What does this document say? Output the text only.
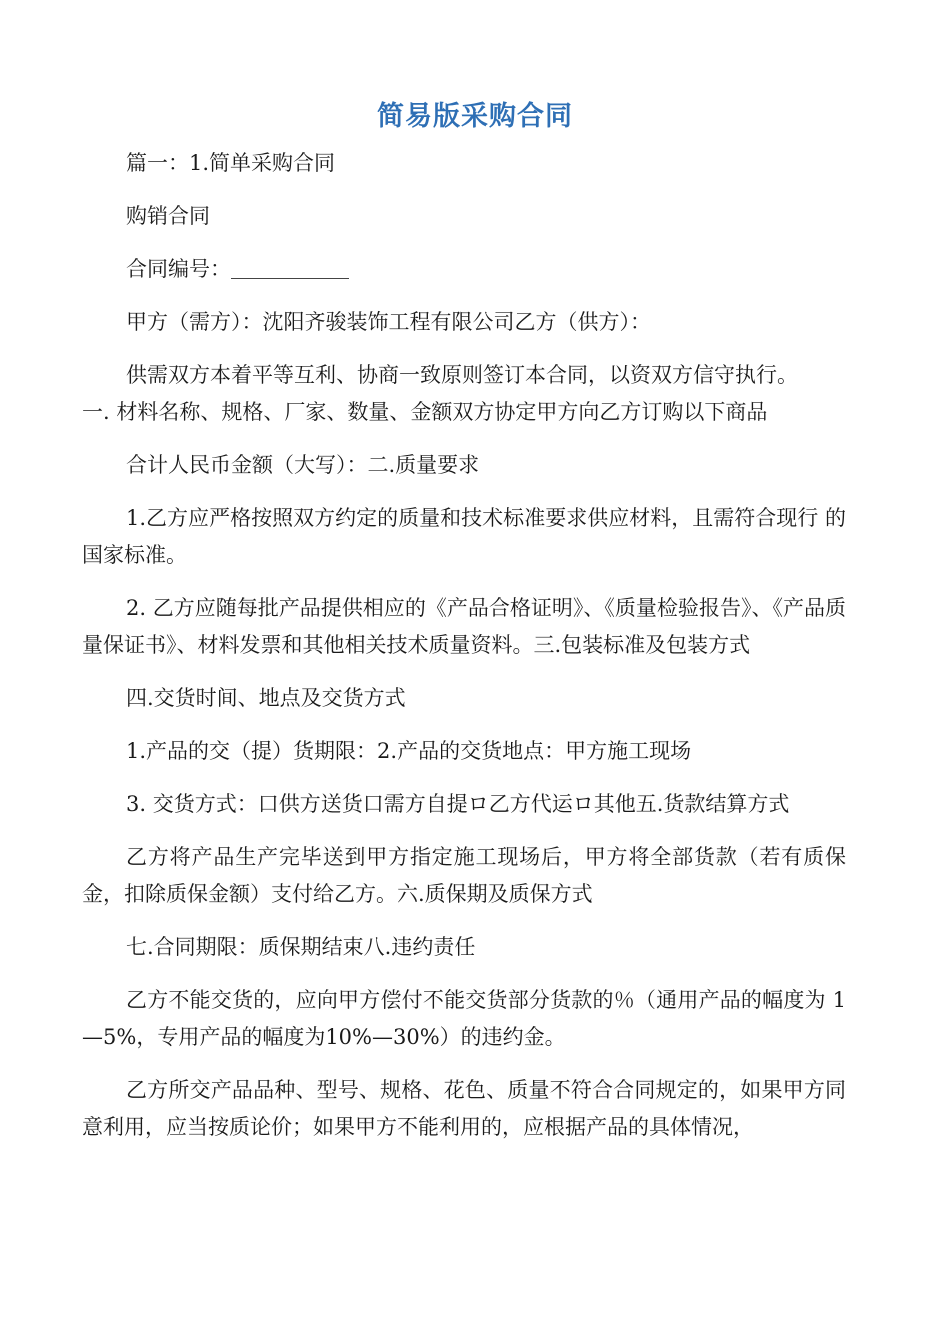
简易版采购合同

篇一：1.简单采购合同

购销合同

合同编号：

甲方（需方）：沈阳齐骏装饰工程有限公司乙方（供方）：

供需双方本着平等互利、协商一致原则签订本合同，以资双方信守执行。

一. 材料名称、规格、厂家、数量、金额双方协定甲方向乙方订购以下商品

合计人民币金额（大写）：二.质量要求

1.乙方应严格按照双方约定的质量和技术标准要求供应材料，且需符合现行 的国家标准。

2. 乙方应随每批产品提供相应的《产品合格证明》、《质量检验报告》、《产品质量保证书》、材料发票和其他相关技术质量资料。三.包装标准及包装方式

四.交货时间、地点及交货方式

1.产品的交（提）货期限：2.产品的交货地点：甲方施工现场

3. 交货方式：口供方送货口需方自提ロ乙方代运ロ其他五.货款结算方式

乙方将产品生产完毕送到甲方指定施工现场后，甲方将全部货款（若有质保金，扣除质保金额）支付给乙方。六.质保期及质保方式

七.合同期限：质保期结束八.违约责任

乙方不能交货的，应向甲方偿付不能交货部分货款的％（通用产品的幅度为 1—5%，专用产品的幅度为10%—30%）的违约金。

乙方所交产品品种、型号、规格、花色、质量不符合合同规定的，如果甲方同意利用，应当按质论价；如果甲方不能利用的，应根据产品的具体情况，
